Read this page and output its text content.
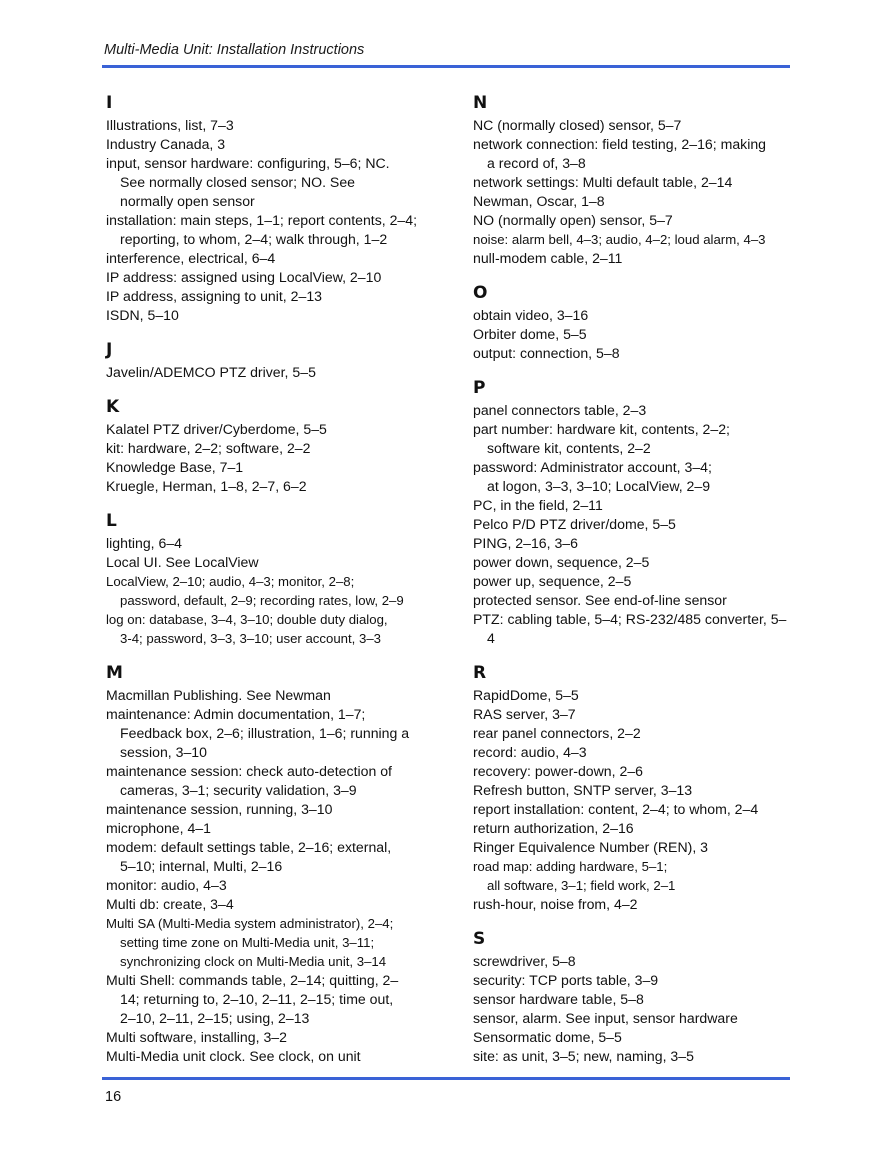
Multi-Media Unit: Installation Instructions
I
Illustrations, list, 7–3
Industry Canada, 3
input, sensor hardware: configuring, 5–6; NC.
See normally closed sensor; NO. See
normally open sensor
installation: main steps, 1–1; report contents, 2–4;
reporting, to whom, 2–4; walk through, 1–2
interference, electrical, 6–4
IP address: assigned using LocalView, 2–10
IP address, assigning to unit, 2–13
ISDN, 5–10
J
Javelin/ADEMCO PTZ driver, 5–5
K
Kalatel PTZ driver/Cyberdome, 5–5
kit: hardware, 2–2; software, 2–2
Knowledge Base, 7–1
Kruegle, Herman, 1–8, 2–7, 6–2
L
lighting, 6–4
Local UI. See LocalView
LocalView, 2–10; audio, 4–3; monitor, 2–8;
password, default, 2–9; recording rates, low, 2–9
log on: database, 3–4, 3–10; double duty dialog,
3-4; password, 3–3, 3–10; user account, 3–3
M
Macmillan Publishing. See Newman
maintenance: Admin documentation, 1–7;
Feedback box, 2–6; illustration, 1–6; running a
session, 3–10
maintenance session: check auto-detection of
cameras, 3–1; security validation, 3–9
maintenance session, running, 3–10
microphone, 4–1
modem: default settings table, 2–16; external,
5–10; internal, Multi, 2–16
monitor: audio, 4–3
Multi db: create, 3–4
Multi SA (Multi-Media system administrator), 2–4;
setting time zone on Multi-Media unit, 3–11;
synchronizing clock on Multi-Media unit, 3–14
Multi Shell: commands table, 2–14; quitting, 2–
14; returning to, 2–10, 2–11, 2–15; time out,
2–10, 2–11, 2–15; using, 2–13
Multi software, installing, 3–2
Multi-Media unit clock. See clock, on unit
N
NC (normally closed) sensor, 5–7
network connection: field testing, 2–16; making
a record of, 3–8
network settings: Multi default table, 2–14
Newman, Oscar, 1–8
NO (normally open) sensor, 5–7
noise: alarm bell, 4–3; audio, 4–2; loud alarm, 4–3
null-modem cable, 2–11
O
obtain video, 3–16
Orbiter dome, 5–5
output: connection, 5–8
P
panel connectors table, 2–3
part number: hardware kit, contents, 2–2;
software kit, contents, 2–2
password: Administrator account, 3–4;
at logon, 3–3, 3–10; LocalView, 2–9
PC, in the field, 2–11
Pelco P/D PTZ driver/dome, 5–5
PING, 2–16, 3–6
power down, sequence, 2–5
power up, sequence, 2–5
protected sensor. See end-of-line sensor
PTZ: cabling table, 5–4; RS-232/485 converter, 5–4
R
RapidDome, 5–5
RAS server, 3–7
rear panel connectors, 2–2
record: audio, 4–3
recovery: power-down, 2–6
Refresh button, SNTP server, 3–13
report installation: content, 2–4; to whom, 2–4
return authorization, 2–16
Ringer Equivalence Number (REN), 3
road map: adding hardware, 5–1;
all software, 3–1; field work, 2–1
rush-hour, noise from, 4–2
S
screwdriver, 5–8
security: TCP ports table, 3–9
sensor hardware table, 5–8
sensor, alarm. See input, sensor hardware
Sensormatic dome, 5–5
site: as unit, 3–5; new, naming, 3–5
16
